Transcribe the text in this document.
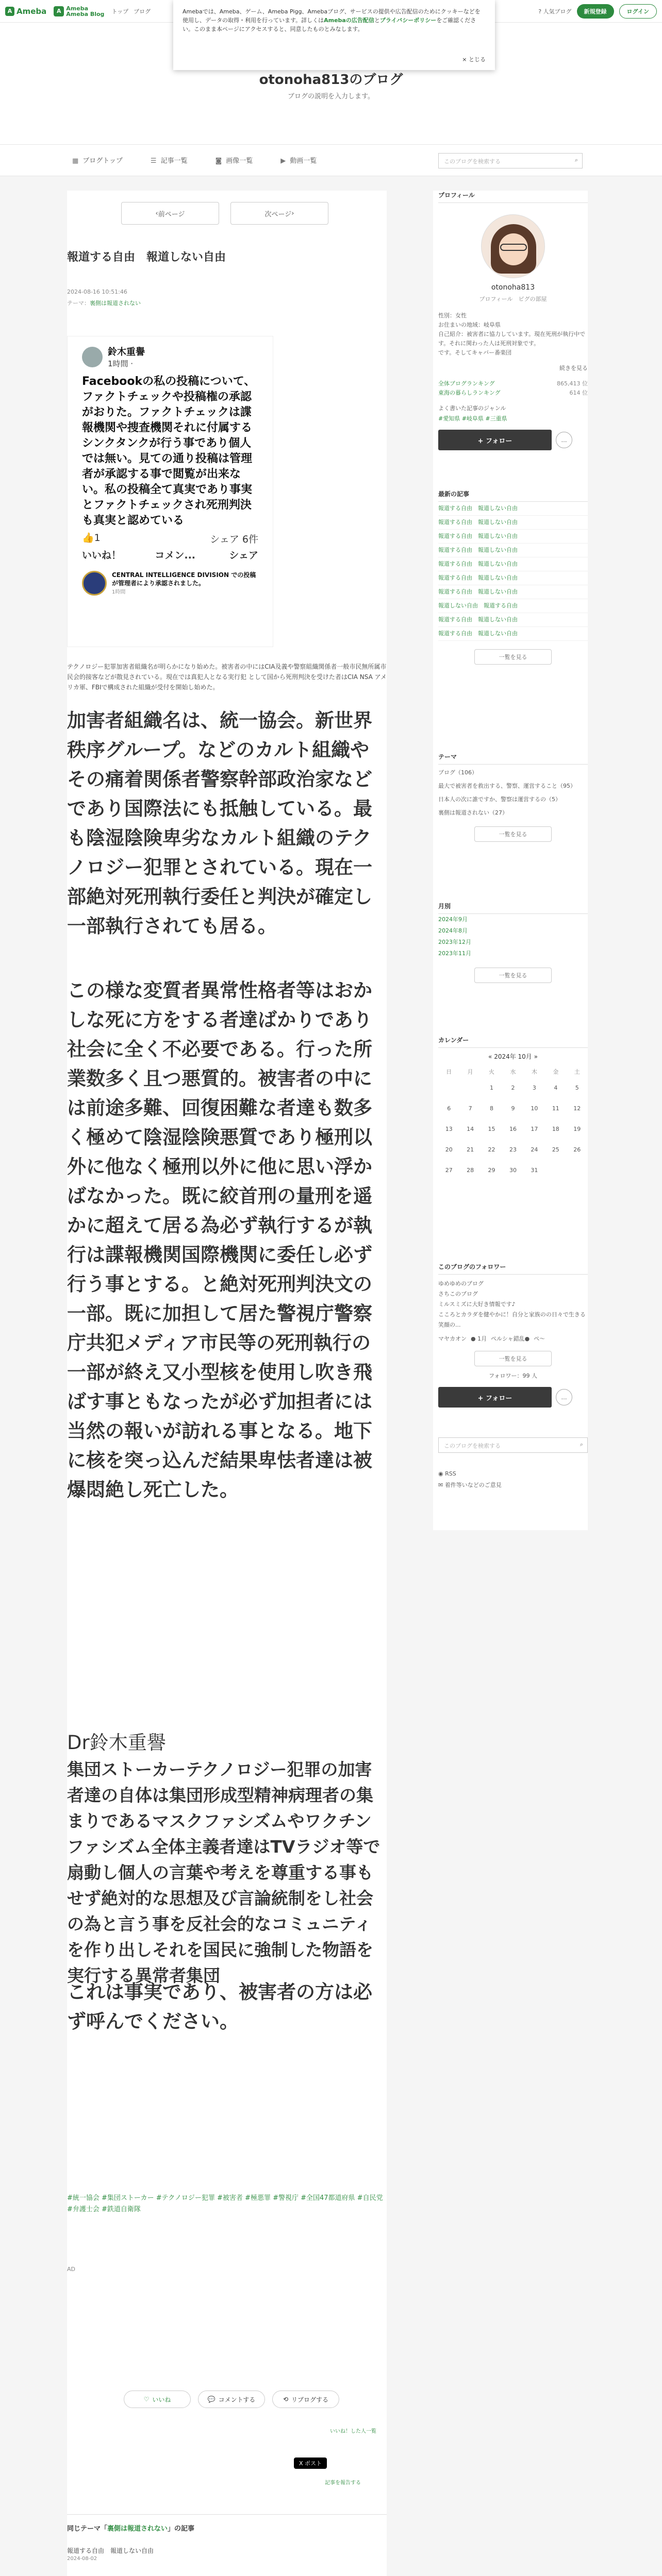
A Ameba	A Ameba
Ameba Blog トップ ブログ	? 人気ブログ	新規登録	ログイン
Amebaでは、Ameba、ゲーム、Ameba Pigg、Amebaブログ、サービスの提供や広告配信のためにクッキーなどを使用し、データの取得・利用を行っています。詳しくはAmebaの広告配信とプライバシーポリシーをご確認ください。このまま本ページにアクセスすると、同意したものとみなします。
× とじる
otonoha813のブログ
ブログの説明を入力します。
▦ ブログトップ	☰ 記事一覧	◙ 画像一覧	▶ 動画一覧	このブログを検索する	⌕
‹ 前ページ	次ページ ›
報道する自由　報道しない自由
2024-08-16 10:51:46
テーマ：裏側は報道されない
鈴木重譽
1時間 ·
Facebookの私の投稿について、ファクトチェックや投稿権の承認がおりた。ファクトチェックは諜報機関や捜査機関それに付属するシンクタンクが行う事であり個人では無い。見ての通り投稿は管理者が承認する事で閲覧が出来ない。私の投稿全て真実であり事実とファクトチェックされ死刑判決も真実と認めている
👍1	シェア 6件
いいね！	コメン...	シェア
CENTRAL INTELLIGENCE DIVISION での投稿が管理者により承認されました。
1時間
テクノロジー犯罪加害者組織名が明らかになり始めた。被害者の中にはCIA及義や警察組織関係者一般市民無所属市民会的接客などが散見されている。現在では真犯人となる実行犯 として国から死刑判決を受けた者はCIA NSA アメリカ軍、FBIで構成された組織が受付を開始し始めた。
加害者組織名は、統一協会。新世界秩序グループ。などのカルト組織やその痛着関係者警察幹部政治家などであり国際法にも抵触している。最も陰湿陰険卑劣なカルト組織のテクノロジー犯罪とされている。現在一部絶対死刑執行委任と判決が確定し一部執行されても居る。
この様な変質者異常性格者等はおかしな死に方をする者達ばかりであり社会に全く不必要である。行った所業数多く且つ悪質的。被害者の中には前途多難、回復困難な者達も数多く極めて陰湿陰険悪質であり極刑以外に他なく極刑以外に他に思い浮かばなかった。既に絞首刑の量刑を遥かに超えて居る為必ず執行するが執行は諜報機関国際機関に委任し必ず行う事とする。と絶対死刑判決文の一部。既に加担して居た警視庁警察庁共犯メディア市民等の死刑執行の一部が終え又小型核を使用し吹き飛ばす事ともなったが必ず加担者には当然の報いが訪れる事となる。地下に核を突っ込んだ結果卑怯者達は被爆悶絶し死亡した。
Dr鈴木重譽
集団ストーカーテクノロジー犯罪の加害者達の自体は集団形成型精神病理者の集まりであるマスクファシズムやワクチンファシズム全体主義者達はTVラジオ等で扇動し個人の言葉や考えを尊重する事もせず絶対的な思想及び言論統制をし社会の為と言う事を反社会的なコミュニティを作り出しそれを国民に強制した物語を実行する異常者集団
これは事実であり、被害者の方は必ず呼んでください。
#統一協会 #集団ストーカー #テクノロジー犯罪 #被害者 #極悪罪 #警視庁 #全国47都道府県 #自民党 #弁護士会 #鉄道自衛隊
AD
♡ いいね	💬 コメントする	⟲ リブログする
いいね！した人一覧
X ポスト
記事を報告する
同じテーマ「裏側は報道されない」の記事
報道する自由　報道しない自由
2024-08-02
プロフィール
otonoha813
プロフィール　ピグの部屋
性別：女性
お住まいの地域：岐阜県
自己紹介：被害者に協力しています。現在死刑が執行中です。それに関わった人は死刑対象です。
です。そしてキャバー番楽団
続きを見る
全体ブログランキング	865,413 位
東海の暮らしランキング	614 位
よく書いた記事のジャンル
#愛知県 #岐阜県 #三重県
+ フォロー	…
最新の記事
報道する自由　報道しない自由
報道する自由　報道しない自由
報道する自由　報道しない自由
報道する自由　報道しない自由
報道する自由　報道しない自由
報道する自由　報道しない自由
報道する自由　報道しない自由
報道しない自由　報道する自由
報道する自由　報道しない自由
報道する自由　報道しない自由
一覧を見る
テーマ
ブログ（106）
最大で被害者を救出する、警察、運営すること（95）
日本人の次に誰ですか、警察は運営するの（5）
裏側は報道されない（27）
一覧を見る
月別
2024年9月
2024年8月
2023年12月
2023年11月
一覧を見る
カレンダー
« 2024年 10月 »
日	月	火	水	木	金	土
		1	2	3	4	5
6	7	8	9	10	11	12
13	14	15	16	17	18	19
20	21	22	23	24	25	26
27	28	29	30	31		
このブログのフォロワー
ゆめゆめのブログ
さちこのブログ
ミルスミズに大好き情報です♪
こころとカラダを健やかに！自分と家族のの日々で生きる笑顔の...
マヤカオン ● 1月 ぺルシャ錯乱● ぺ〜
一覧を見る
フォロワー：99 人
+ フォロー	…
このブログを検索する	⌕
◉ RSS
✉ 着件等いなどのご意見
